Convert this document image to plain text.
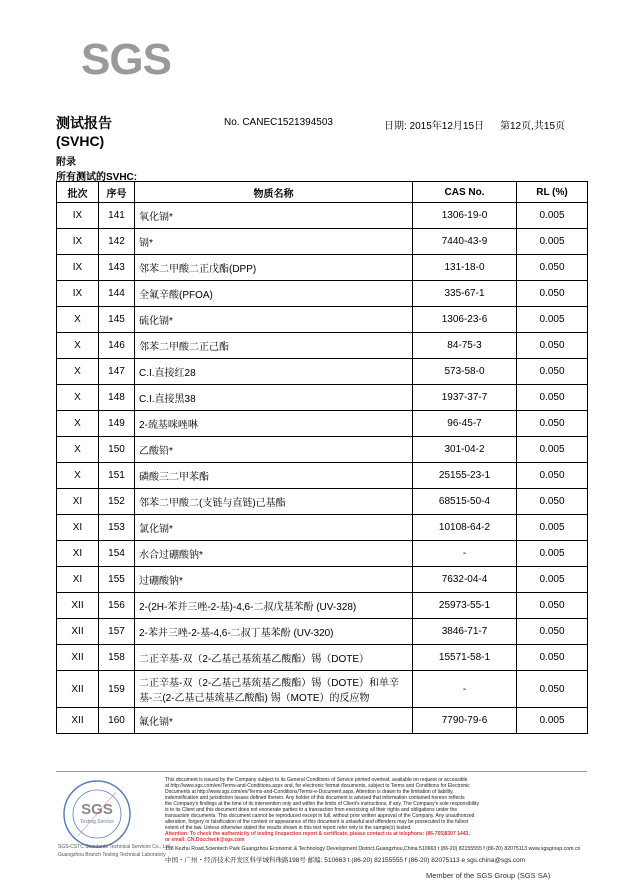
SGS
测试报告
(SVHC)
No. CANEC1521394503	日期: 2015年12月15日 第12页,共15页
附录
所有测试的SVHC:
批次	序号	物质名称	CAS No.	RL (%)
IX	141	氧化镉*	1306-19-0	0.005
IX	142	镉*	7440-43-9	0.005
IX	143	邻苯二甲酸二正戊酯(DPP)	131-18-0	0.050
IX	144	全氟辛酸(PFOA)	335-67-1	0.050
X	145	硫化镉*	1306-23-6	0.005
X	146	邻苯二甲酸二正己酯	84-75-3	0.050
X	147	C.I.直接红28	573-58-0	0.050
X	148	C.I.直接黑38	1937-37-7	0.050
X	149	2-巯基咪唑啉	96-45-7	0.050
X	150	乙酸铅*	301-04-2	0.005
X	151	磷酸三二甲苯酯	25155-23-1	0.050
XI	152	邻苯二甲酸二(支链与直链)己基酯	68515-50-4	0.050
XI	153	氯化镉*	10108-64-2	0.005
XI	154	水合过硼酸钠*	-	0.005
XI	155	过硼酸钠*	7632-04-4	0.005
XII	156	2-(2H-苯并三唑-2-基)-4,6-二叔戊基苯酚 (UV-328)	25973-55-1	0.050
XII	157	2-苯并三唑-2-基-4,6-二叔丁基苯酚 (UV-320)	3846-71-7	0.050
XII	158	二正辛基-双（2-乙基己基巯基乙酸酯）锡（DOTE）	15571-58-1	0.050
XII	159	二正辛基-双（2-乙基己基巯基乙酸酯）锡（DOTE）和单辛基-三(2-乙基己基巯基乙酸酯) 锡（MOTE）的反应物	-	0.050
XII	160	氟化镉*	7790-79-6	0.005
SGS
Testing Service
SGS-CSTC Standards Technical Services Co., Ltd.
Guangzhou Branch Testing Technical Laboratory
This document is issued by the Company subject to its General Conditions of Service printed overleaf, available on request or accessible
at http://www.sgs.com/en/Terms-and-Conditions.aspx and, for electronic format documents, subject to Terms and Conditions for Electronic
Documents at http://www.sgs.com/en/Terms-and-Conditions/Terms-e-Document.aspx. Attention is drawn to the limitation of liability,
indemnification and jurisdiction issues defined therein. Any holder of this document is advised that information contained hereon reflects
the Company's findings at the time of its intervention only and within the limits of Client's instructions, if any. The Company's sole responsibility
is to its Client and this document does not exonerate parties to a transaction from exercising all their rights and obligations under the
transaction documents. This document cannot be reproduced except in full, without prior written approval of the Company. Any unauthorized
alteration, forgery or falsification of the content or appearance of this document is unlawful and offenders may be prosecuted to the fullest
extent of the law. Unless otherwise stated the results shown in this test report refer only to the sample(s) tested.
Attention: To check the authenticity of testing /inspection report & certificate, please contact us at telephone: (86-755)8307 1443,
or email: CN.Doccheck@sgs.com
198 Kezhu Road,Scientech Park Guangzhou Economic & Technology Development District,Guangzhou,China 510663 t (86-20) 82155555 f (86-20) 82075113 www.sgsgroup.com.cn
中国・广州・经济技术开发区科学城科珠路198号 邮编: 510663 t (86-20) 82155555 f (86-20) 82075113 e sgs.china@sgs.com
Member of the SGS Group (SGS SA)
